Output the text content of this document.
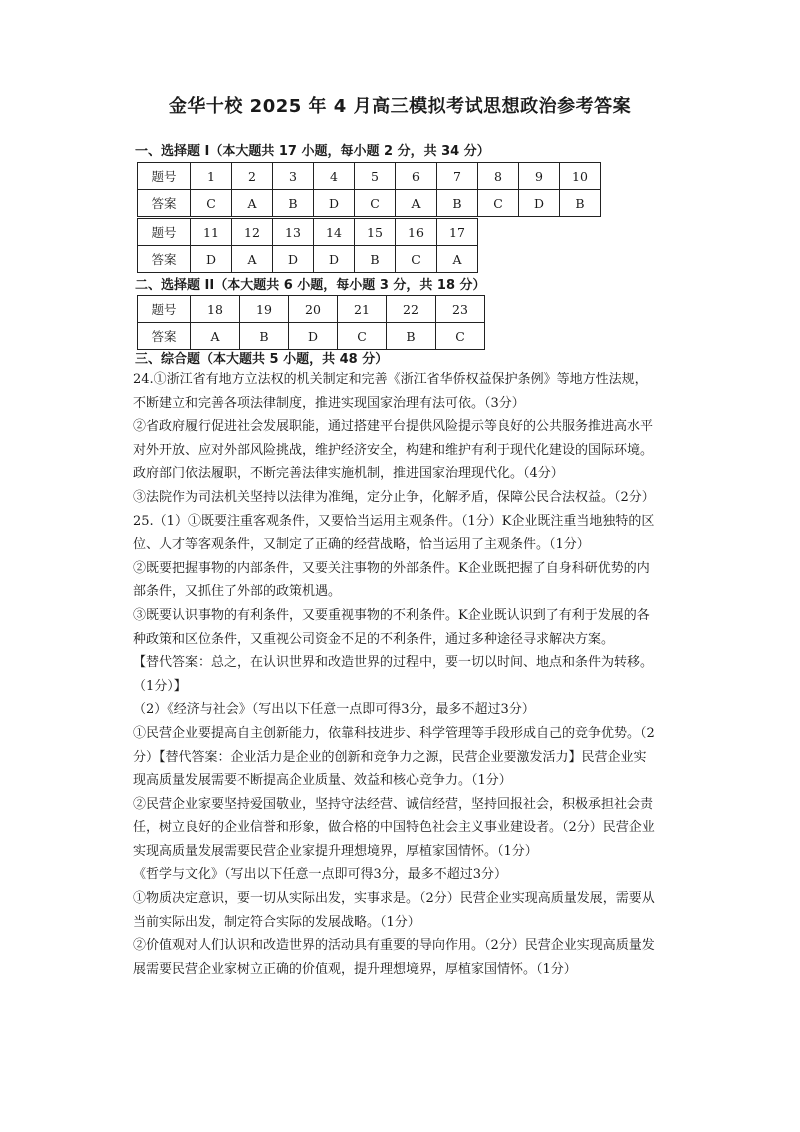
金华十校 2025 年 4 月高三模拟考试思想政治参考答案
一、选择题 I（本大题共 17 小题，每小题 2 分，共 34 分）
题号	1	2	3	4	5	6	7	8	9	10
答案	C	A	B	D	C	A	B	C	D	B
题号	11	12	13	14	15	16	17
答案	D	A	D	D	B	C	A
二、选择题 II（本大题共 6 小题，每小题 3 分，共 18 分）
题号	18	19	20	21	22	23
答案	A	B	D	C	B	C
三、综合题（本大题共 5 小题，共 48 分）

24.①浙江省有地方立法权的机关制定和完善《浙江省华侨权益保护条例》等地方性法规，

不断建立和完善各项法律制度，推进实现国家治理有法可依。（3分）

②省政府履行促进社会发展职能，通过搭建平台提供风险提示等良好的公共服务推进高水平

对外开放、应对外部风险挑战，维护经济安全，构建和维护有利于现代化建设的国际环境。

政府部门依法履职，不断完善法律实施机制，推进国家治理现代化。（4分）

③法院作为司法机关坚持以法律为准绳，定分止争，化解矛盾，保障公民合法权益。（2分）

25.（1）①既要注重客观条件，又要恰当运用主观条件。（1分）K企业既注重当地独特的区

位、人才等客观条件，又制定了正确的经营战略，恰当运用了主观条件。（1分）

②既要把握事物的内部条件，又要关注事物的外部条件。K企业既把握了自身科研优势的内

部条件，又抓住了外部的政策机遇。

③既要认识事物的有利条件，又要重视事物的不利条件。K企业既认识到了有利于发展的各

种政策和区位条件，又重视公司资金不足的不利条件，通过多种途径寻求解决方案。

【替代答案：总之，在认识世界和改造世界的过程中，要一切以时间、地点和条件为转移。

（1分）】

（2）《经济与社会》（写出以下任意一点即可得3分，最多不超过3分）

①民营企业要提高自主创新能力，依靠科技进步、科学管理等手段形成自己的竞争优势。（2

分）【替代答案：企业活力是企业的创新和竞争力之源，民营企业要激发活力】民营企业实

现高质量发展需要不断提高企业质量、效益和核心竞争力。（1分）

②民营企业家要坚持爱国敬业，坚持守法经营、诚信经营，坚持回报社会，积极承担社会责

任，树立良好的企业信誉和形象，做合格的中国特色社会主义事业建设者。（2分）民营企业

实现高质量发展需要民营企业家提升理想境界，厚植家国情怀。（1分）

《哲学与文化》（写出以下任意一点即可得3分，最多不超过3分）

①物质决定意识，要一切从实际出发，实事求是。（2分）民营企业实现高质量发展，需要从

当前实际出发，制定符合实际的发展战略。（1分）

②价值观对人们认识和改造世界的活动具有重要的导向作用。（2分）民营企业实现高质量发

展需要民营企业家树立正确的价值观，提升理想境界，厚植家国情怀。（1分）
